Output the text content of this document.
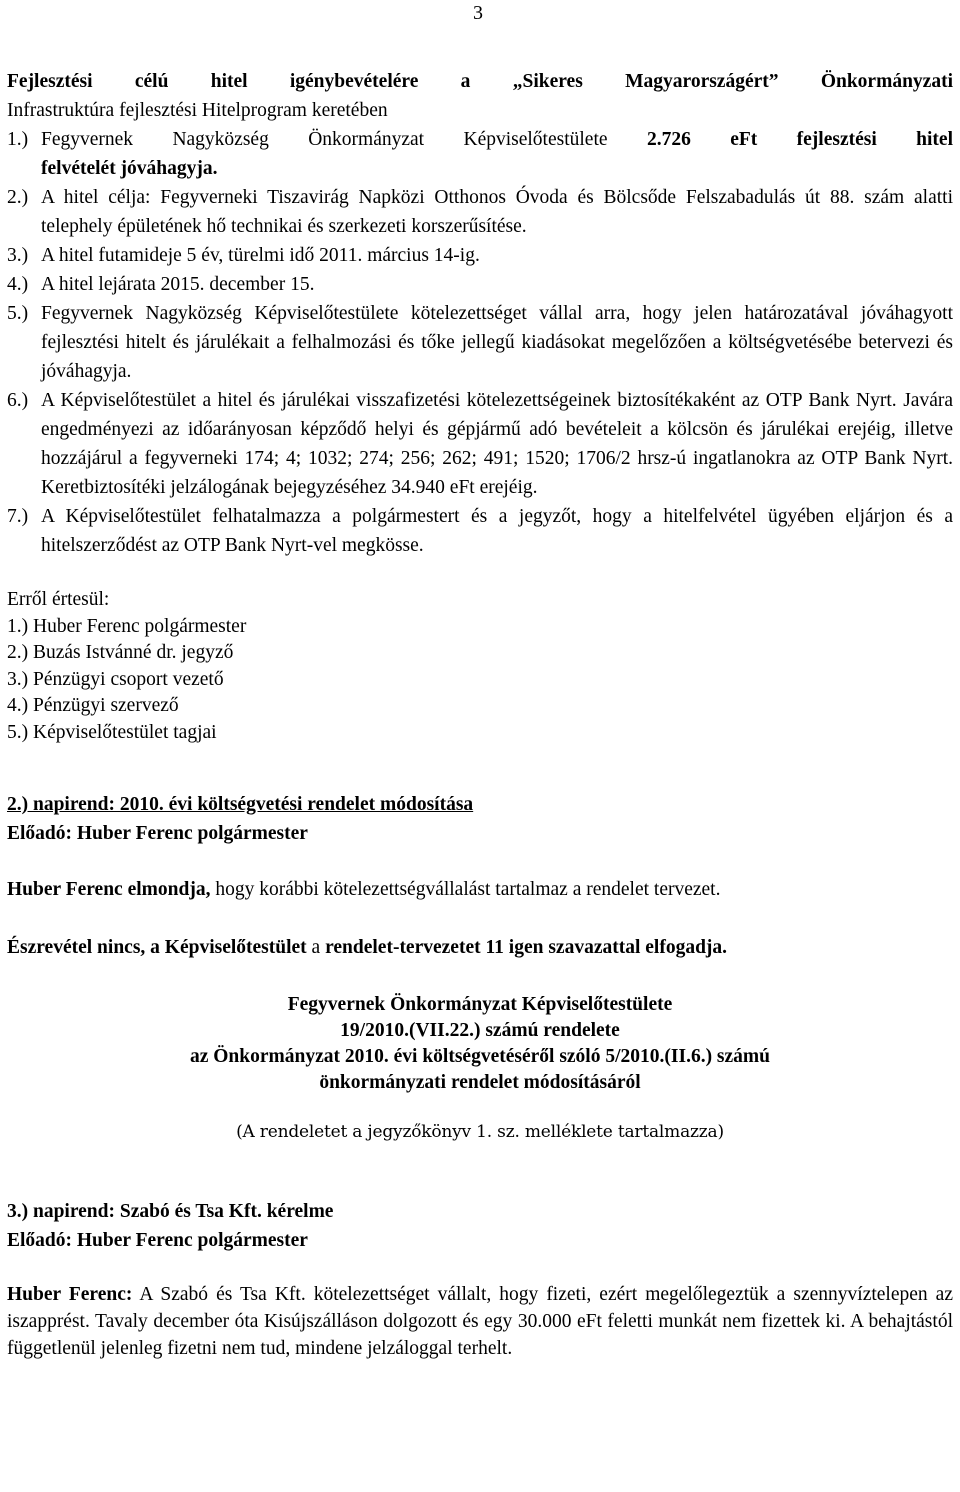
3
Fejlesztési célú hitel igénybevételére a „Sikeres Magyarországért” Önkormányzati
Infrastruktúra fejlesztési Hitelprogram keretében
1.) Fegyvernek Nagyközség Önkormányzat Képviselőtestülete 2.726 eFt fejlesztési hitel
felvételét jóváhagyja.
2.) A hitel célja: Fegyverneki Tiszavirág Napközi Otthonos Óvoda és Bölcsőde Felszabadulás út 88. szám alatti telephely épületének hő technikai és szerkezeti korszerűsítése.
3.) A hitel futamideje 5 év, türelmi idő 2011. március 14-ig.
4.) A hitel lejárata 2015. december 15.
5.) Fegyvernek Nagyközség Képviselőtestülete kötelezettséget vállal arra, hogy jelen határozatával jóváhagyott fejlesztési hitelt és járulékait a felhalmozási és tőke jellegű kiadásokat megelőzően a költségvetésébe betervezi és jóváhagyja.
6.) A Képviselőtestület a hitel és járulékai visszafizetési kötelezettségeinek biztosítékaként az OTP Bank Nyrt. Javára engedményezi az időarányosan képződő helyi és gépjármű adó bevételeit a kölcsön és járulékai erejéig, illetve hozzájárul a fegyverneki 174; 4; 1032; 274; 256; 262; 491; 1520; 1706/2 hrsz-ú ingatlanokra az OTP Bank Nyrt. Keretbiztosítéki jelzálogának bejegyzéséhez 34.940 eFt erejéig.
7.) A Képviselőtestület felhatalmazza a polgármestert és a jegyzőt, hogy a hitelfelvétel ügyében eljárjon és a hitelszerződést az OTP Bank Nyrt-vel megkösse.
Erről értesül:
1.) Huber Ferenc polgármester
2.) Buzás Istvánné dr. jegyző
3.) Pénzügyi csoport vezető
4.) Pénzügyi szervező
5.) Képviselőtestület tagjai
2.) napirend: 2010. évi költségvetési rendelet módosítása
Előadó: Huber Ferenc polgármester
Huber Ferenc elmondja, hogy korábbi kötelezettségvállalást tartalmaz a rendelet tervezet.
Észrevétel nincs, a Képviselőtestület a rendelet-tervezetet 11 igen szavazattal elfogadja.
Fegyvernek Önkormányzat Képviselőtestülete
19/2010.(VII.22.) számú rendelete
az Önkormányzat 2010. évi költségvetéséről szóló 5/2010.(II.6.) számú
önkormányzati rendelet módosításáról
(A rendeletet a jegyzőkönyv 1. sz. melléklete tartalmazza)
3.) napirend: Szabó és Tsa Kft. kérelme
Előadó: Huber Ferenc polgármester
Huber Ferenc: A Szabó és Tsa Kft. kötelezettséget vállalt, hogy fizeti, ezért megelőlegeztük a szennyvíztelepen az iszapprést. Tavaly december óta Kisújszálláson dolgozott és egy 30.000 eFt feletti munkát nem fizettek ki. A behajtástól függetlenül jelenleg fizetni nem tud, mindene jelzáloggal terhelt.
